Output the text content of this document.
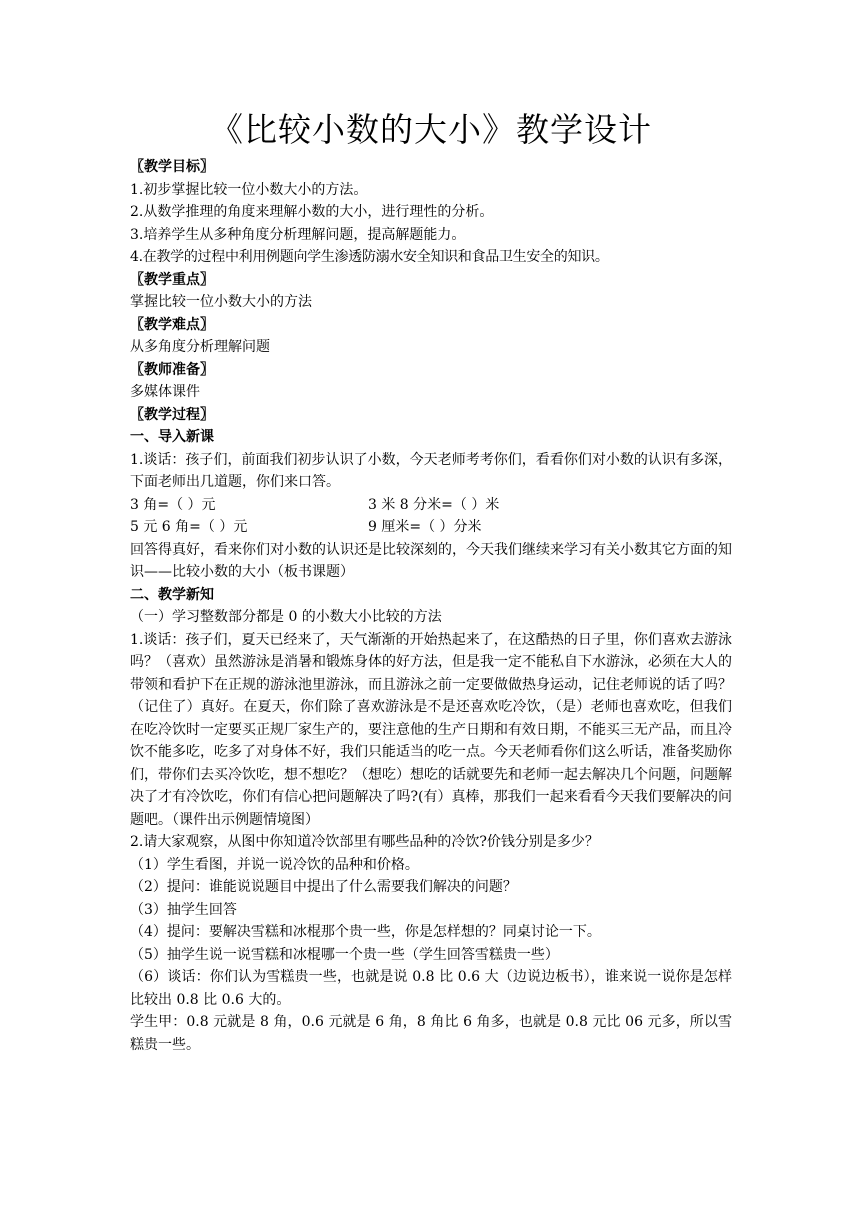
《比较小数的大小》教学设计

〖教学目标〗

1.初步掌握比较一位小数大小的方法。

2.从数学推理的角度来理解小数的大小，进行理性的分析。

3.培养学生从多种角度分析理解问题，提高解题能力。

4.在教学的过程中利用例题向学生渗透防溺水安全知识和食品卫生安全的知识。

〖教学重点〗

掌握比较一位小数大小的方法

〖教学难点〗

从多角度分析理解问题

〖教师准备〗

多媒体课件

〖教学过程〗

一、导入新课

1.谈话：孩子们，前面我们初步认识了小数，今天老师考考你们，看看你们对小数的认识有多深，下面老师出几道题，你们来口答。

3 角=（ ）元	3 米 8 分米=（ ）米
5 元 6 角=（ ）元	9 厘米=（ ）分米

回答得真好，看来你们对小数的认识还是比较深刻的，今天我们继续来学习有关小数其它方面的知识——比较小数的大小（板书课题）

二、教学新知

（一）学习整数部分都是 0 的小数大小比较的方法

1.谈话：孩子们，夏天已经来了，天气渐渐的开始热起来了，在这酷热的日子里，你们喜欢去游泳吗？（喜欢）虽然游泳是消暑和锻炼身体的好方法，但是我一定不能私自下水游泳，必须在大人的带领和看护下在正规的游泳池里游泳，而且游泳之前一定要做做热身运动，记住老师说的话了吗？（记住了）真好。在夏天，你们除了喜欢游泳是不是还喜欢吃冷饮，（是）老师也喜欢吃，但我们在吃冷饮时一定要买正规厂家生产的，要注意他的生产日期和有效日期，不能买三无产品，而且冷饮不能多吃，吃多了对身体不好，我们只能适当的吃一点。今天老师看你们这么听话，准备奖励你们，带你们去买冷饮吃，想不想吃？（想吃）想吃的话就要先和老师一起去解决几个问题，问题解决了才有冷饮吃，你们有信心把问题解决了吗?(有）真棒，那我们一起来看看今天我们要解决的问题吧。（课件出示例题情境图）

2.请大家观察，从图中你知道冷饮部里有哪些品种的冷饮?价钱分别是多少？

（1）学生看图，并说一说冷饮的品种和价格。

（2）提问：谁能说说题目中提出了什么需要我们解决的问题？

（3）抽学生回答

（4）提问：要解决雪糕和冰棍那个贵一些，你是怎样想的？同桌讨论一下。

（5）抽学生说一说雪糕和冰棍哪一个贵一些（学生回答雪糕贵一些）

（6）谈话：你们认为雪糕贵一些，也就是说 0.8 比 0.6 大（边说边板书），谁来说一说你是怎样比较出 0.8 比 0.6 大的。

学生甲：0.8 元就是 8 角，0.6 元就是 6 角，8 角比 6 角多，也就是 0.8 元比 06 元多，所以雪糕贵一些。
